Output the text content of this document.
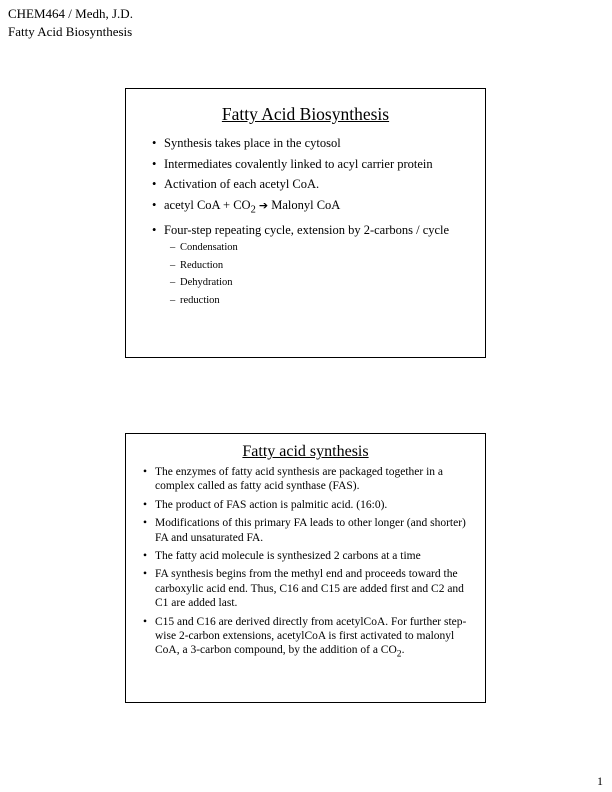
CHEM464 / Medh, J.D.
Fatty Acid Biosynthesis
Fatty Acid Biosynthesis
• Synthesis takes place in the cytosol
• Intermediates covalently linked to acyl carrier protein
• Activation of each acetyl CoA.
• acetyl CoA + $CO_2$ ➔ Malonyl CoA
• Four-step repeating cycle, extension by 2-carbons / cycle
– Condensation
– Reduction
– Dehydration
– reduction
Fatty acid synthesis
• The enzymes of fatty acid synthesis are packaged together in a complex called as fatty acid synthase (FAS).
• The product of FAS action is palmitic acid. (16:0).
• Modifications of this primary FA leads to other longer (and shorter) FA and unsaturated FA.
• The fatty acid molecule is synthesized 2 carbons at a time
• FA synthesis begins from the methyl end and proceeds toward the carboxylic acid end. Thus, C16 and C15 are added first and C2 and C1 are added last.
• C15 and C16 are derived directly from acetylCoA. For further step-wise 2-carbon extensions, acetylCoA is first activated to malonyl CoA, a 3-carbon compound, by the addition of a $CO_2$.
1
